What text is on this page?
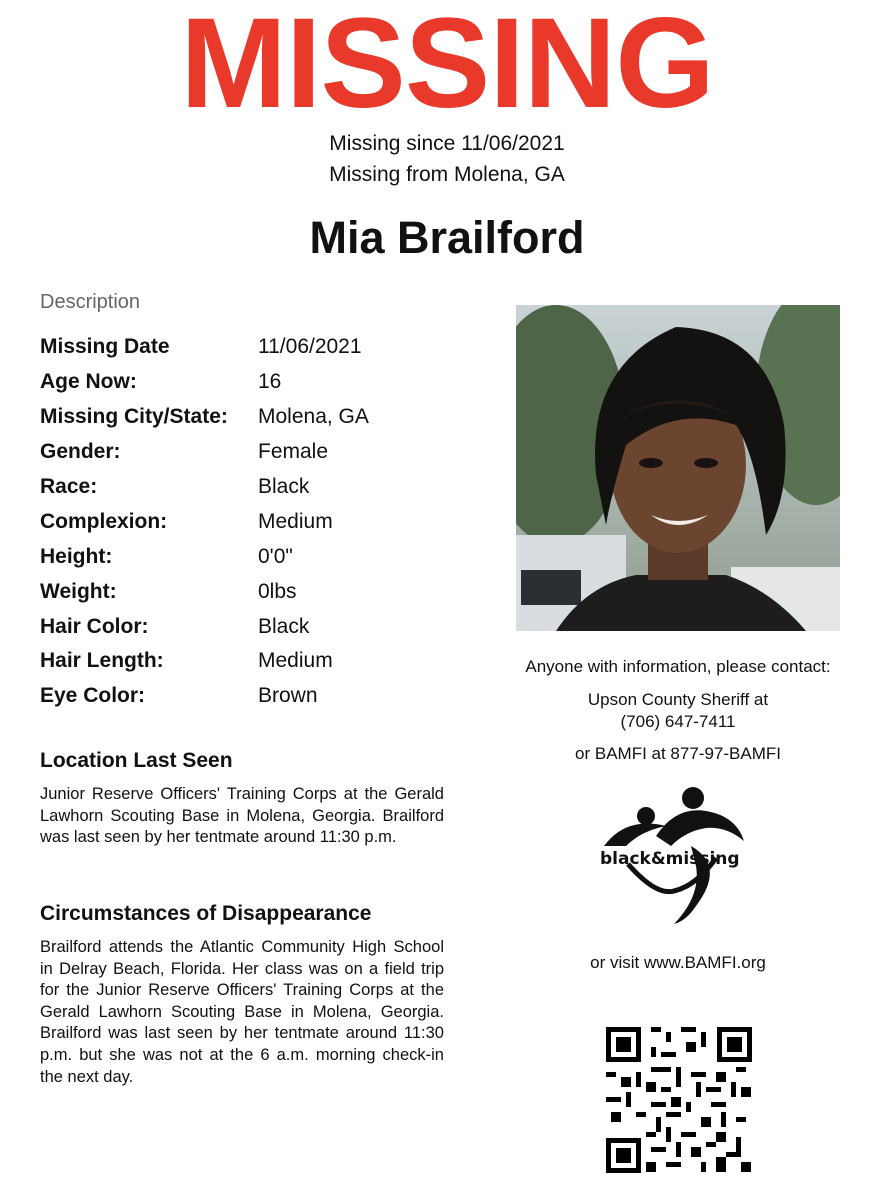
MISSING
Missing since 11/06/2021
Missing from Molena, GA
Mia Brailford
Description
Missing Date	11/06/2021
Age Now:	16
Missing City/State:	Molena, GA
Gender:	Female
Race:	Black
Complexion:	Medium
Height:	0'0"
Weight:	0lbs
Hair Color:	Black
Hair Length:	Medium
Eye Color:	Brown
Location Last Seen
Junior Reserve Officers' Training Corps at the Gerald Lawhorn Scouting Base in Molena, Georgia. Brailford was last seen by her tentmate around 11:30 p.m.
Circumstances of Disappearance
Brailford attends the Atlantic Community High School in Delray Beach, Florida. Her class was on a field trip for the Junior Reserve Officers' Training Corps at the Gerald Lawhorn Scouting Base in Molena, Georgia. Brailford was last seen by her tentmate around 11:30 p.m. but she was not at the 6 a.m. morning check-in the next day.
Anyone with information, please contact:
Upson County Sheriff at
(706) 647-7411
or BAMFI at 877-97-BAMFI
black&missing
or visit www.BAMFI.org
